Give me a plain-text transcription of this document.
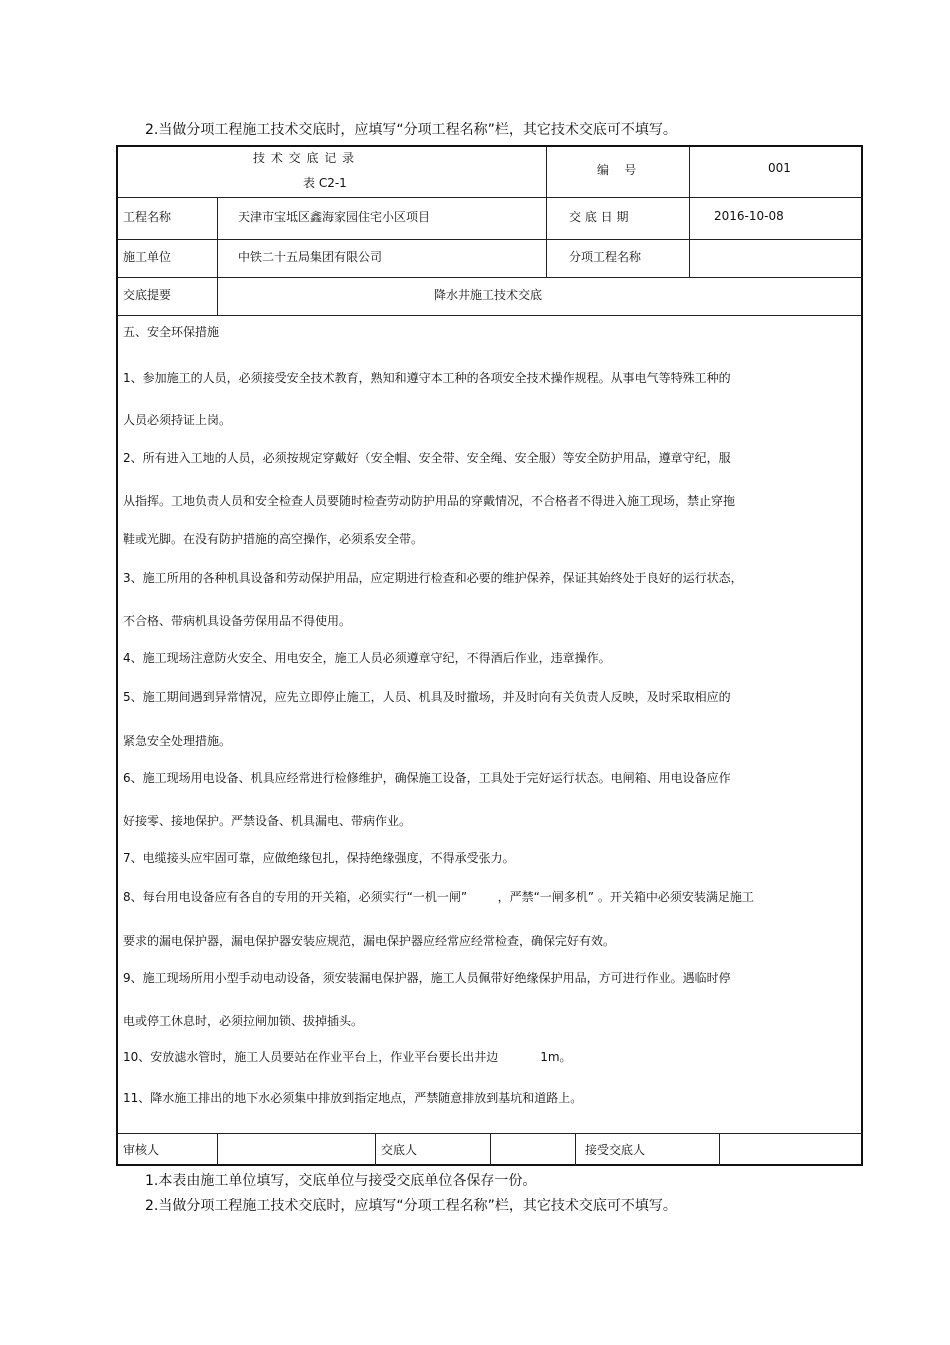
2.当做分项工程施工技术交底时，应填写“分项工程名称”栏，其它技术交底可不填写。
技 术 交 底 记 录
表 C2-1
编    号	001
工程名称	天津市宝坻区鑫海家园住宅小区项目	交 底 日 期	2016-10-08
施工单位	中铁二十五局集团有限公司	分项工程名称
交底提要	降水井施工技术交底
五、安全环保措施
1、参加施工的人员，必须接受安全技术教育，熟知和遵守本工种的各项安全技术操作规程。从事电气等特殊工种的
人员必须持证上岗。
2、所有进入工地的人员，必须按规定穿戴好（安全帽、安全带、安全绳、安全服）等安全防护用品，遵章守纪，服
从指挥。工地负责人员和安全检查人员要随时检查劳动防护用品的穿戴情况，不合格者不得进入施工现场，禁止穿拖
鞋或光脚。在没有防护措施的高空操作，必须系安全带。
3、施工所用的各种机具设备和劳动保护用品，应定期进行检查和必要的维护保养，保证其始终处于良好的运行状态，
不合格、带病机具设备劳保用品不得使用。
4、施工现场注意防火安全、用电安全，施工人员必须遵章守纪，不得酒后作业，违章操作。
5、施工期间遇到异常情况，应先立即停止施工，人员、机具及时撤场，并及时向有关负责人反映，及时采取相应的
紧急安全处理措施。
6、施工现场用电设备、机具应经常进行检修维护，确保施工设备，工具处于完好运行状态。电闸箱、用电设备应作
好接零、接地保护。严禁设备、机具漏电、带病作业。
7、电缆接头应牢固可靠，应做绝缘包扎，保持绝缘强度，不得承受张力。
8、每台用电设备应有各自的专用的开关箱，必须实行“一机一闸”        ，严禁“一闸多机” 。开关箱中必须安装满足施工
要求的漏电保护器，漏电保护器安装应规范，漏电保护器应经常应经常检查，确保完好有效。
9、施工现场所用小型手动电动设备，须安装漏电保护器，施工人员佩带好绝缘保护用品，方可进行作业。遇临时停
电或停工休息时，必须拉闸加锁、拔掉插头。
10、安放滤水管时，施工人员要站在作业平台上，作业平台要长出井边           1m。
11、降水施工排出的地下水必须集中排放到指定地点，严禁随意排放到基坑和道路上。
审核人	交底人	接受交底人
1.本表由施工单位填写，交底单位与接受交底单位各保存一份。
2.当做分项工程施工技术交底时，应填写“分项工程名称”栏，其它技术交底可不填写。
